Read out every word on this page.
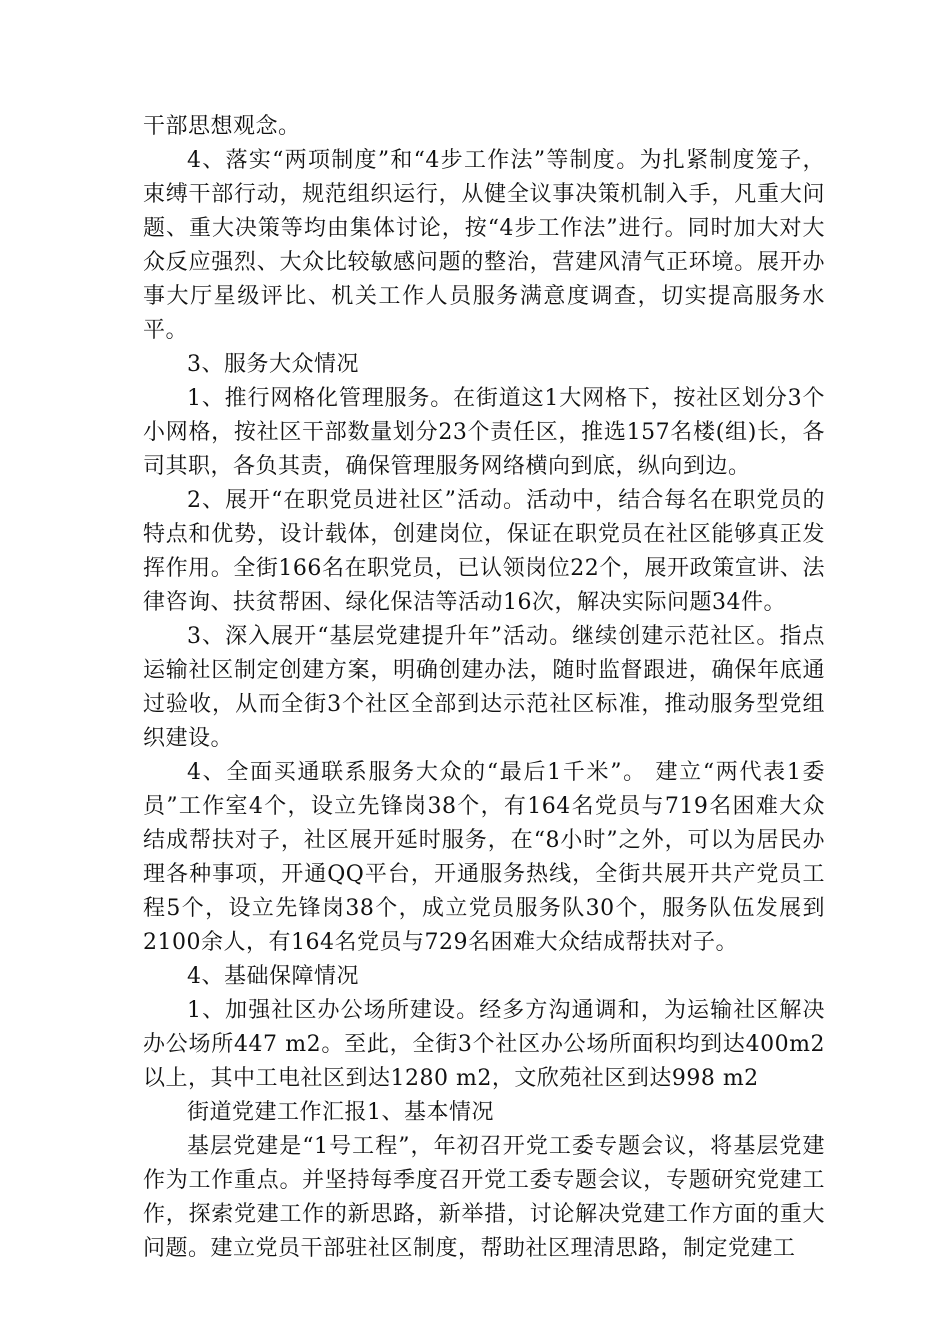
干部思想观念。

4、落实“两项制度”和“4步工作法”等制度。为扎紧制度笼子，束缚干部行动，规范组织运行，从健全议事决策机制入手，凡重大问题、重大决策等均由集体讨论，按“4步工作法”进行。同时加大对大众反应强烈、大众比较敏感问题的整治，营建风清气正环境。展开办事大厅星级评比、机关工作人员服务满意度调查，切实提高服务水平。

3、服务大众情况

1、推行网格化管理服务。在街道这1大网格下，按社区划分3个小网格，按社区干部数量划分23个责任区，推选157名楼(组)长，各司其职，各负其责，确保管理服务网络横向到底，纵向到边。

2、展开“在职党员进社区”活动。活动中，结合每名在职党员的特点和优势，设计载体，创建岗位，保证在职党员在社区能够真正发挥作用。全街166名在职党员，已认领岗位22个，展开政策宣讲、法律咨询、扶贫帮困、绿化保洁等活动16次，解决实际问题34件。

3、深入展开“基层党建提升年”活动。继续创建示范社区。指点运输社区制定创建方案，明确创建办法，随时监督跟进，确保年底通过验收，从而全街3个社区全部到达示范社区标准，推动服务型党组织建设。

4、全面买通联系服务大众的“最后1千米”。 建立“两代表1委员”工作室4个，设立先锋岗38个，有164名党员与719名困难大众结成帮扶对子，社区展开延时服务，在“8小时”之外，可以为居民办理各种事项，开通QQ平台，开通服务热线，全街共展开共产党员工程5个，设立先锋岗38个，成立党员服务队30个，服务队伍发展到2100余人，有164名党员与729名困难大众结成帮扶对子。

4、基础保障情况

1、加强社区办公场所建设。经多方沟通调和，为运输社区解决办公场所447 m2。至此，全街3个社区办公场所面积均到达400m2以上，其中工电社区到达1280 m2，文欣苑社区到达998 m2

街道党建工作汇报1、基本情况

基层党建是“1号工程”，年初召开党工委专题会议，将基层党建作为工作重点。并坚持每季度召开党工委专题会议，专题研究党建工作，探索党建工作的新思路，新举措，讨论解决党建工作方面的重大问题。建立党员干部驻社区制度，帮助社区理清思路，制定党建工
